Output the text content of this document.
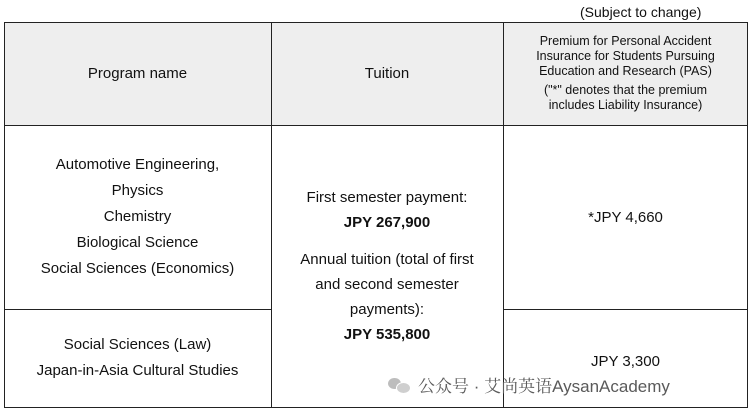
(Subject to change)
Program name	Tuition
Premium for Personal Accident
Insurance for Students Pursuing
Education and Research (PAS)
("*" denotes that the premium
includes Liability Insurance)
Automotive Engineering,
Physics
Chemistry
Biological Science
Social Sciences (Economics)
First semester payment:
JPY 267,900
Annual tuition (total of first
and second semester
payments):
JPY 535,800
*JPY 4,660
Social Sciences (Law)
Japan-in-Asia Cultural Studies
JPY 3,300
公众号 · 艾尚英语AysanAcademy
